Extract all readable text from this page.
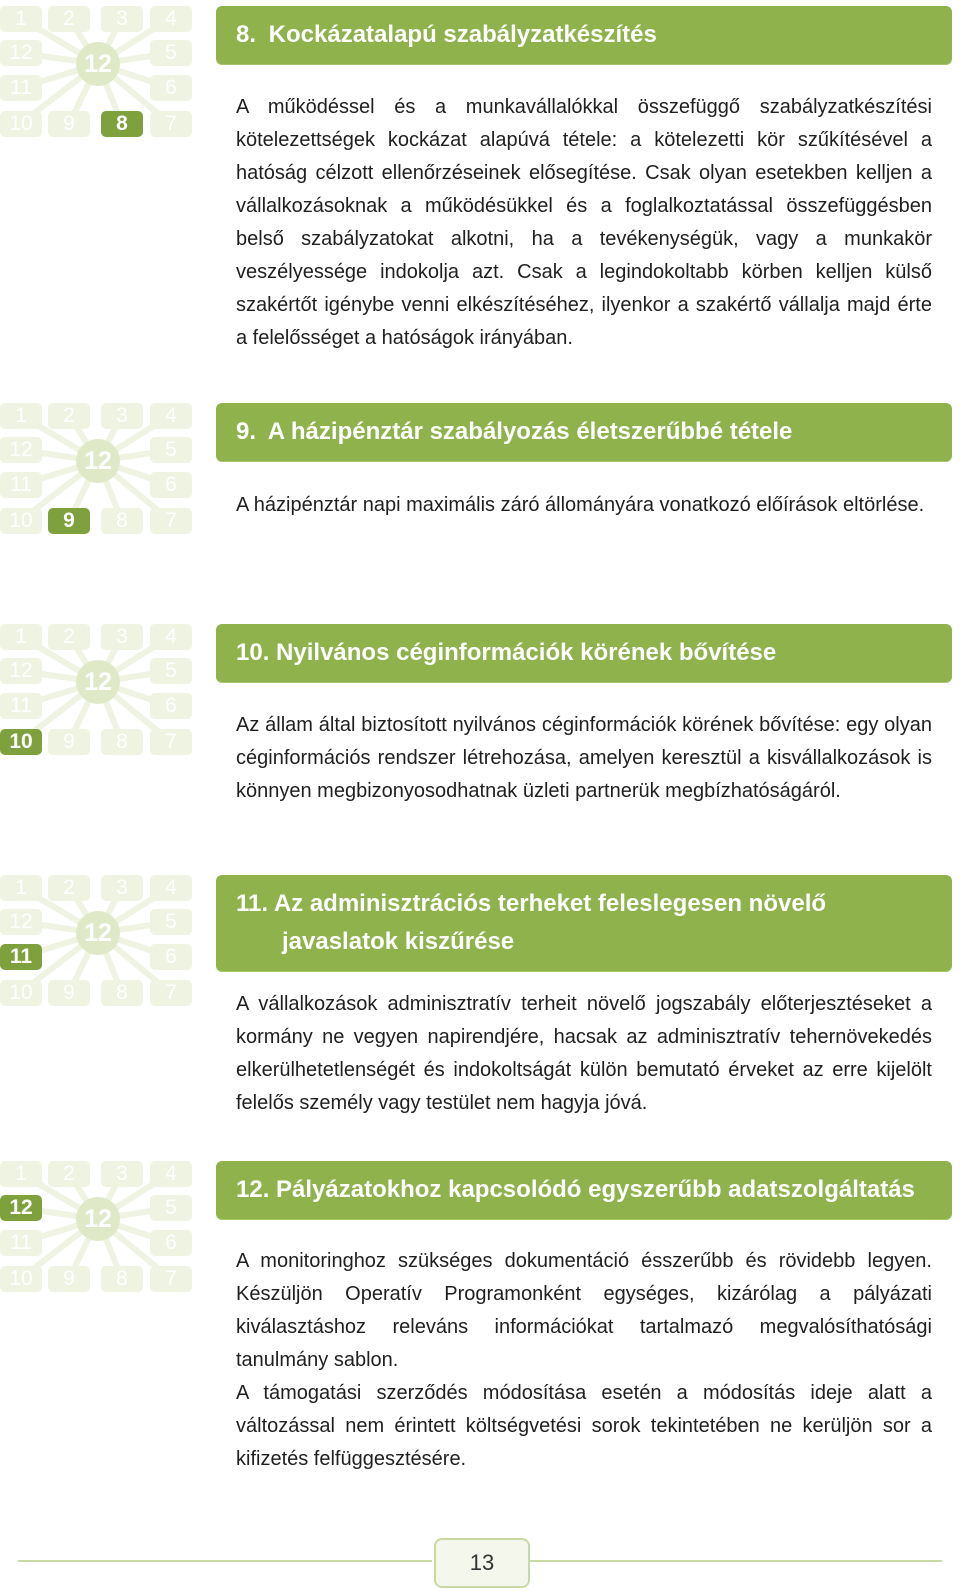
1	2	3	4
5
6
7
8
9
10
11
12	12
8. Kockázatalapú szabályzatkészítés

A működéssel és a munkavállalókkal összefüggő szabályzatkészítési kötelezettségek kockázat alapúvá tétele: a kötelezetti kör szűkítésével a hatóság célzott ellenőrzéseinek elősegítése. Csak olyan esetekben kelljen a vállalkozásoknak a működésükkel és a foglalkoztatással összefüggésben belső szabályzatokat alkotni, ha a tevékenységük, vagy a munkakör veszélyessége indokolja azt. Csak a legindokoltabb körben kelljen külső szakértőt igénybe venni elkészítéséhez, ilyenkor a szakértő vállalja majd érte a felelősséget a hatóságok irányában.

1	2	3	4
5
6
7
8
9
10
11
12	12
9. A házipénztár szabályozás életszerűbbé tétele

A házipénztár napi maximális záró állományára vonatkozó előírások eltörlése.

1	2	3	4
5
6
7
8
9
10
11
12	12
10. Nyilvános céginformációk körének bővítése

Az állam által biztosított nyilvános céginformációk körének bővítése: egy olyan céginformációs rendszer létrehozása, amelyen keresztül a kisvállalkozások is könnyen megbizonyosodhatnak üzleti partnerük megbízhatóságáról.

1	2	3	4
5
6
7
8
9
10
11
12	12
11. Az adminisztrációs terheket feleslegesen növelő
javaslatok kiszűrése

A vállalkozások adminisztratív terheit növelő jogszabály előterjesztéseket a kormány ne vegyen napirendjére, hacsak az adminisztratív tehernövekedés elkerülhetetlenségét és indokoltságát külön bemutató érveket az erre kijelölt felelős személy vagy testület nem hagyja jóvá.

1	2	3	4
5
6
7
8
9
10
11
12	12
12. Pályázatokhoz kapcsolódó egyszerűbb adatszolgáltatás

A monitoringhoz szükséges dokumentáció ésszerűbb és rövidebb legyen. Készüljön Operatív Programonként egységes, kizárólag a pályázati kiválasztáshoz releváns információkat tartalmazó megvalósíthatósági tanulmány sablon.

A támogatási szerződés módosítása esetén a módosítás ideje alatt a változással nem érintett költségvetési sorok tekintetében ne kerüljön sor a kifizetés felfüggesztésére.

13
